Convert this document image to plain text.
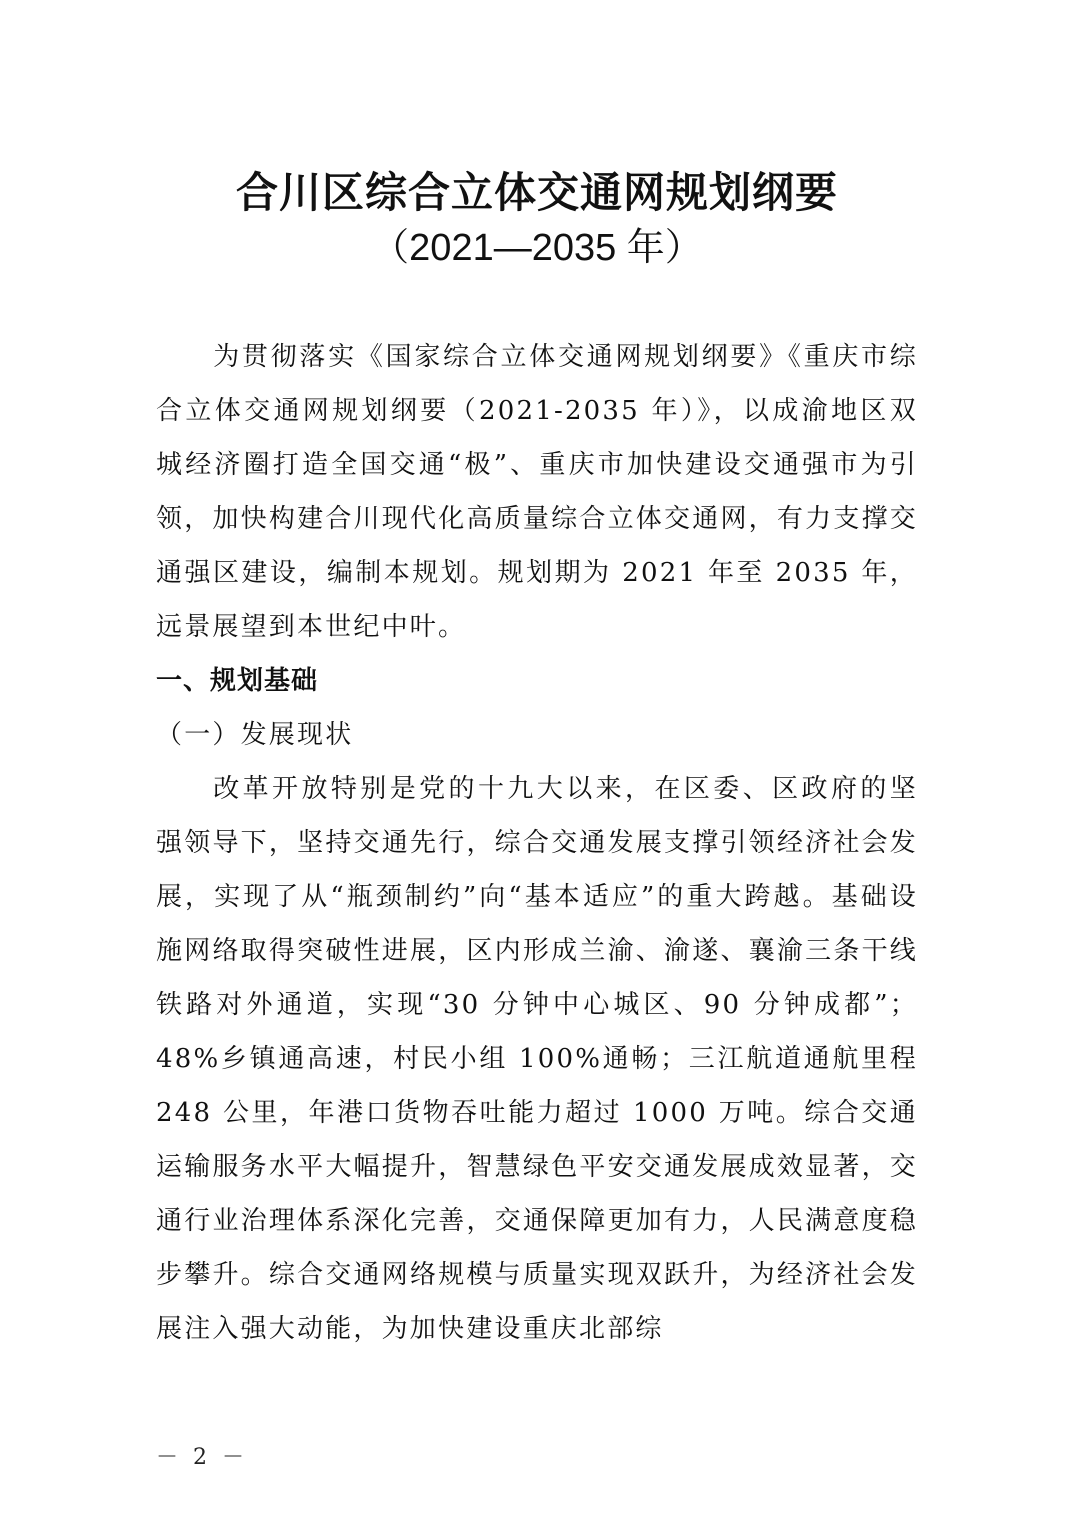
合川区综合立体交通网规划纲要
（2021—2035 年）

为贯彻落实《国家综合立体交通网规划纲要》《重庆市综合立体交通网规划纲要（2021-2035 年）》，以成渝地区双城经济圈打造全国交通“极”、重庆市加快建设交通强市为引领，加快构建合川现代化高质量综合立体交通网，有力支撑交通强区建设，编制本规划。规划期为 2021 年至 2035 年，远景展望到本世纪中叶。

一、规划基础

（一）发展现状

改革开放特别是党的十九大以来，在区委、区政府的坚强领导下，坚持交通先行，综合交通发展支撑引领经济社会发展，实现了从“瓶颈制约”向“基本适应”的重大跨越。基础设施网络取得突破性进展，区内形成兰渝、渝遂、襄渝三条干线铁路对外通道，实现“30 分钟中心城区、90 分钟成都”；48%乡镇通高速，村民小组 100%通畅；三江航道通航里程 248 公里，年港口货物吞吐能力超过 1000 万吨。综合交通运输服务水平大幅提升，智慧绿色平安交通发展成效显著，交通行业治理体系深化完善，交通保障更加有力，人民满意度稳步攀升。综合交通网络规模与质量实现双跃升，为经济社会发展注入强大动能，为加快建设重庆北部综

－ 2 －
